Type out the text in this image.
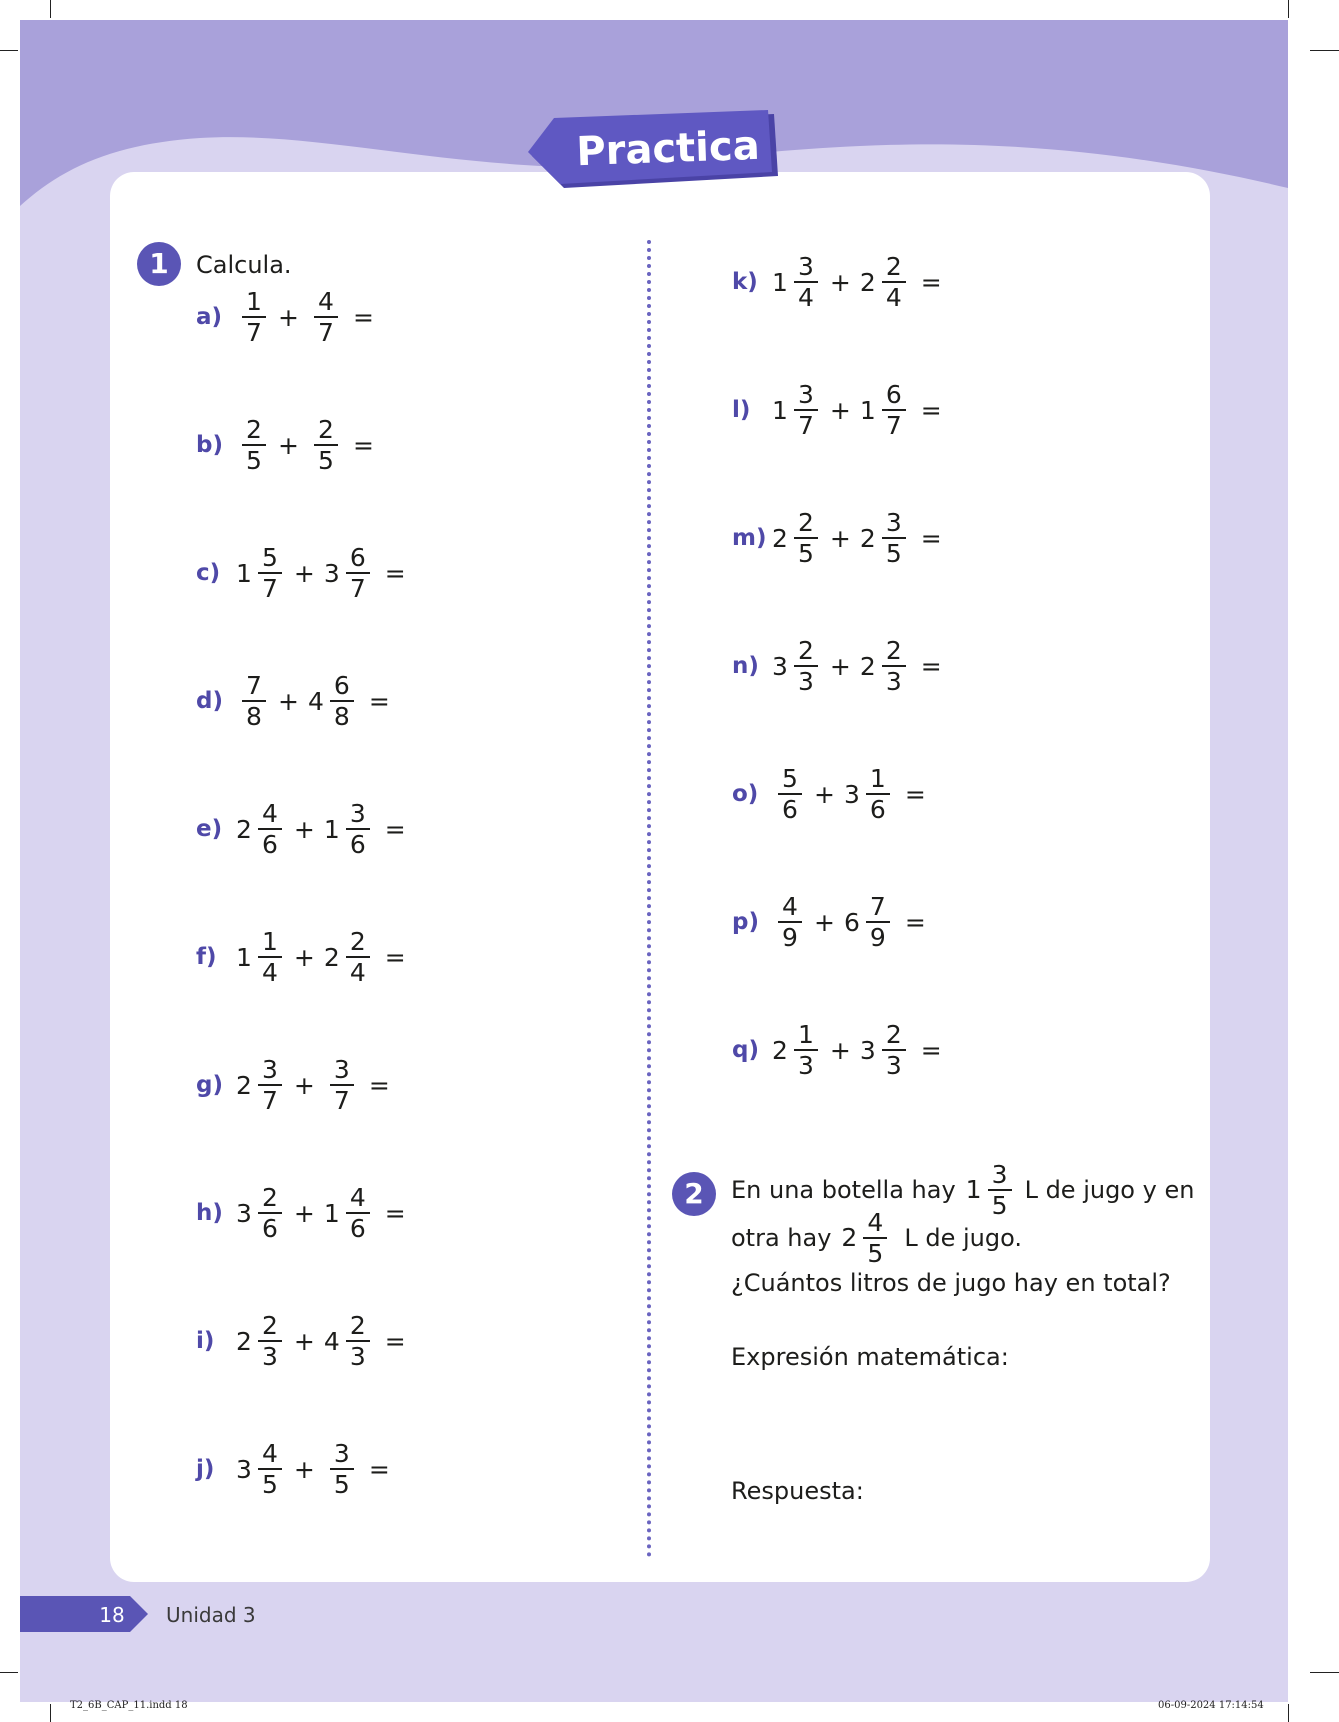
Practica
1	Calcula.
$a) \frac{1}{7} + \frac{4}{7}$ =
$b) \frac{2}{5} + \frac{2}{5}$ =
c) $1 \frac{5}{7} + 3 \frac{6}{7}$ =
$d) \frac{7}{8} + 4 \frac{6}{8}$ =
e) $2 \frac{4}{6} + 1 \frac{3}{6}$ =
f) $1 \frac{1}{4} + 2 \frac{2}{4}$ =
g) $2 \frac{3}{7} + \frac{3}{7}$ =
h) $3 \frac{2}{6} + 1 \frac{4}{6}$ =
i) $2 \frac{2}{3} + 4 \frac{2}{3}$ =
j) $3 \frac{4}{5} + \frac{3}{5}$ =
k) $1 \frac{3}{4} + 2 \frac{2}{4}$ =
l) $1 \frac{3}{7} + 1 \frac{6}{7}$ =
m) $2 \frac{2}{5} + 2 \frac{3}{5}$ =
n) $3 \frac{2}{3} + 2 \frac{2}{3}$ =
$o) \frac{5}{6} + 3 \frac{1}{6}$ =
$p) \frac{4}{9} + 6 \frac{7}{9}$ =
q) $2 \frac{1}{3} + 3 \frac{2}{3}$ =
2	En una botella hay $1 \frac{3}{5}$ L de jugo y en
otra hay $2 \frac{4}{5}$ L de jugo.
¿Cuántos litros de jugo hay en total?
Expresión matemática:
Respuesta:
18	Unidad 3
T2_6B_CAP_11.indd 18	06-09-2024 17:14:54
